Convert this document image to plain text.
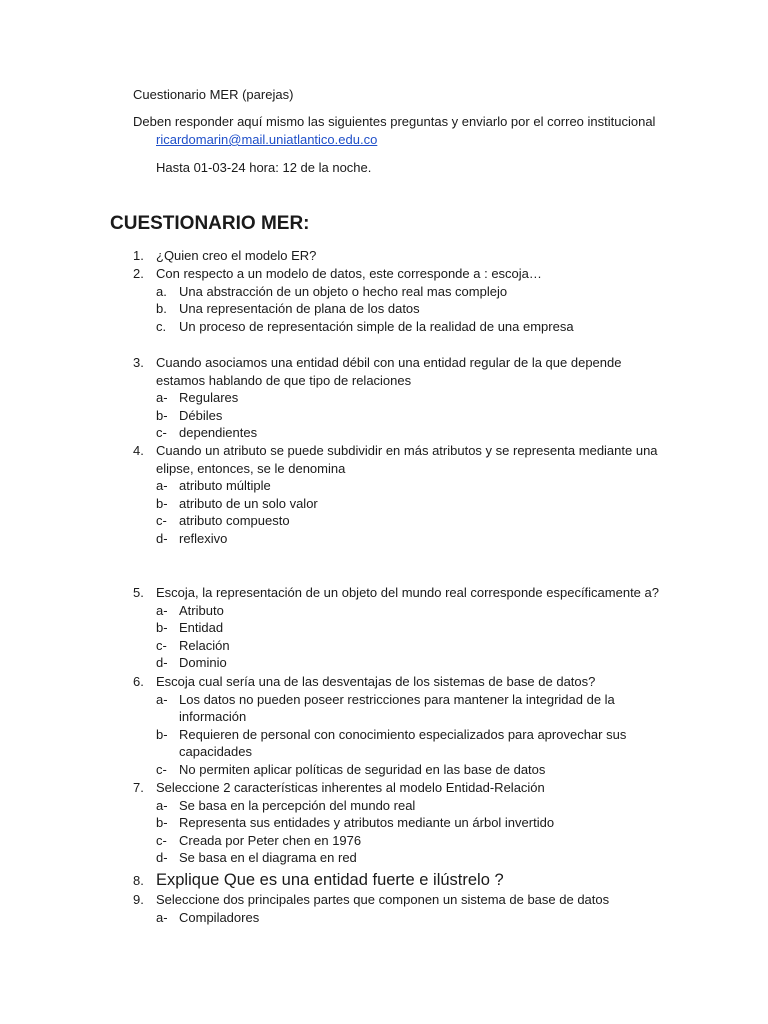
Cuestionario MER (parejas)
Deben responder aquí mismo las siguientes preguntas y enviarlo por el correo institucional
ricardomarin@mail.uniatlantico.edu.co
Hasta 01-03-24 hora: 12 de la noche.
CUESTIONARIO MER:
1. ¿Quien creo el modelo ER?
2. Con respecto a un modelo de datos, este corresponde a : escoja…
a. Una abstracción de un objeto o hecho real mas complejo
b. Una representación de plana de los datos
c. Un proceso de representación simple de la realidad de una empresa
3. Cuando asociamos una entidad débil con una entidad regular de la que depende estamos hablando de que tipo de relaciones
a- Regulares
b- Débiles
c- dependientes
4. Cuando un atributo se puede subdividir en más atributos y se representa mediante una elipse, entonces, se le denomina
a- atributo múltiple
b- atributo de un solo valor
c- atributo compuesto
d- reflexivo
5. Escoja, la representación de un objeto del mundo real corresponde específicamente a?
a- Atributo
b- Entidad
c- Relación
d- Dominio
6. Escoja cual sería una de las desventajas de los sistemas de base de datos?
a- Los datos no pueden poseer restricciones para mantener la integridad de la información
b- Requieren de personal con conocimiento especializados para aprovechar sus capacidades
c- No permiten aplicar políticas de seguridad en las base de datos
7. Seleccione 2 características inherentes al modelo Entidad-Relación
a- Se basa en la percepción del mundo real
b- Representa sus entidades y atributos mediante un árbol invertido
c- Creada por Peter chen en 1976
d- Se basa en el diagrama en red
8. Explique Que es una entidad fuerte e ilústrelo ?
9. Seleccione dos principales partes que componen un sistema de base de datos
a- Compiladores
